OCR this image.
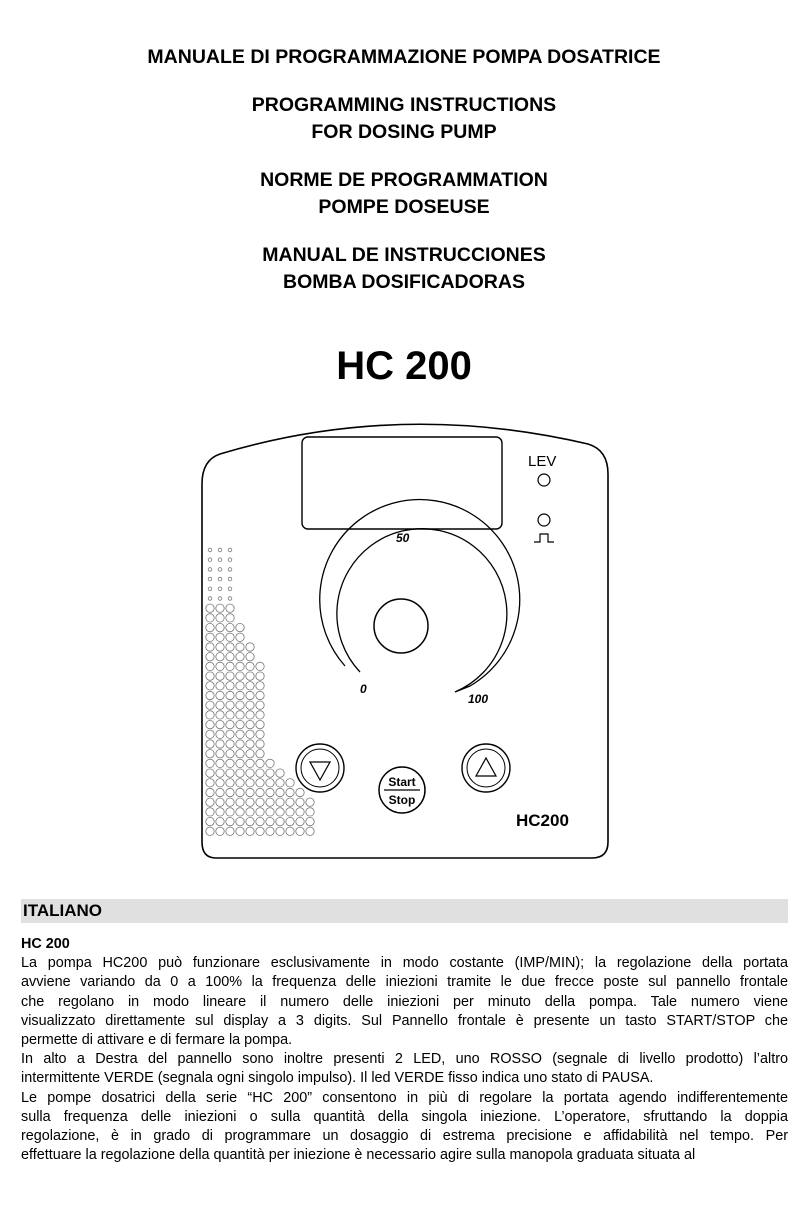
MANUALE DI PROGRAMMAZIONE POMPA DOSATRICE
PROGRAMMING INSTRUCTIONS
FOR DOSING PUMP
NORME DE PROGRAMMATION
POMPE DOSEUSE
MANUAL DE INSTRUCCIONES
BOMBA DOSIFICADORAS
HC 200
LEV
50
0
100
Start
Stop
HC200
ITALIANO
HC 200
La pompa HC200 può funzionare esclusivamente in modo costante (IMP/MIN); la regolazione della portata
avviene variando da 0 a 100% la frequenza delle iniezioni tramite le due frecce poste sul pannello frontale
che regolano in modo lineare il numero delle iniezioni per minuto della pompa. Tale numero viene
visualizzato direttamente sul display a 3 digits. Sul Pannello frontale è presente un tasto START/STOP che
permette di attivare e di fermare la pompa.
In alto a Destra del pannello sono inoltre presenti 2 LED, uno ROSSO (segnale di livello prodotto) l’altro
intermittente VERDE (segnala ogni singolo impulso). Il led VERDE fisso indica uno stato di PAUSA.
Le pompe dosatrici della serie “HC 200” consentono in più di regolare la portata agendo indifferentemente
sulla frequenza delle iniezioni o sulla quantità della singola iniezione. L’operatore, sfruttando la doppia
regolazione, è in grado di programmare un dosaggio di estrema precisione e affidabilità nel tempo. Per
effettuare la regolazione della quantità per iniezione è necessario agire sulla manopola graduata situata al
